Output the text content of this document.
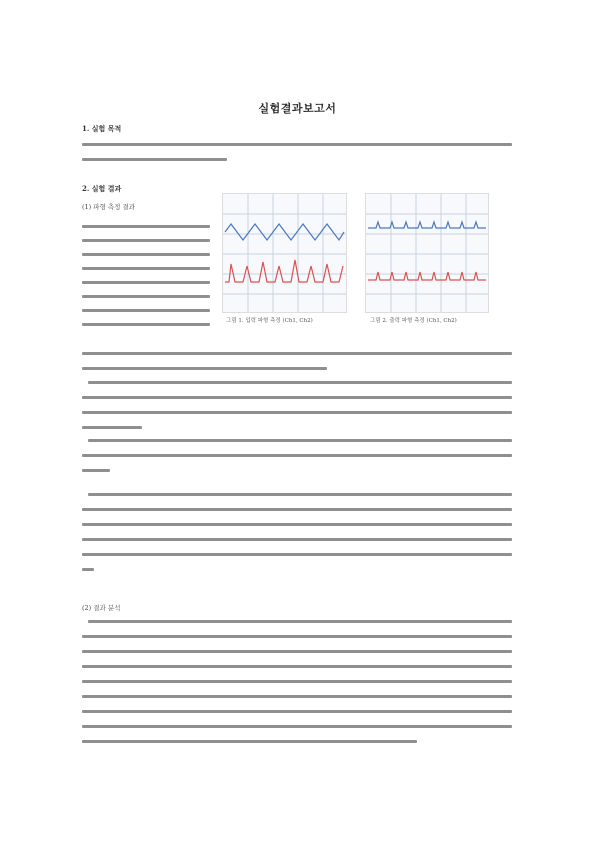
실험결과보고서
1. 실험 목적
2. 실험 결과
(1) 파형 측정 결과
그림 1. 입력 파형 측정 (Ch1, Ch2)	그림 2. 출력 파형 측정 (Ch1, Ch2)
(2) 결과 분석
